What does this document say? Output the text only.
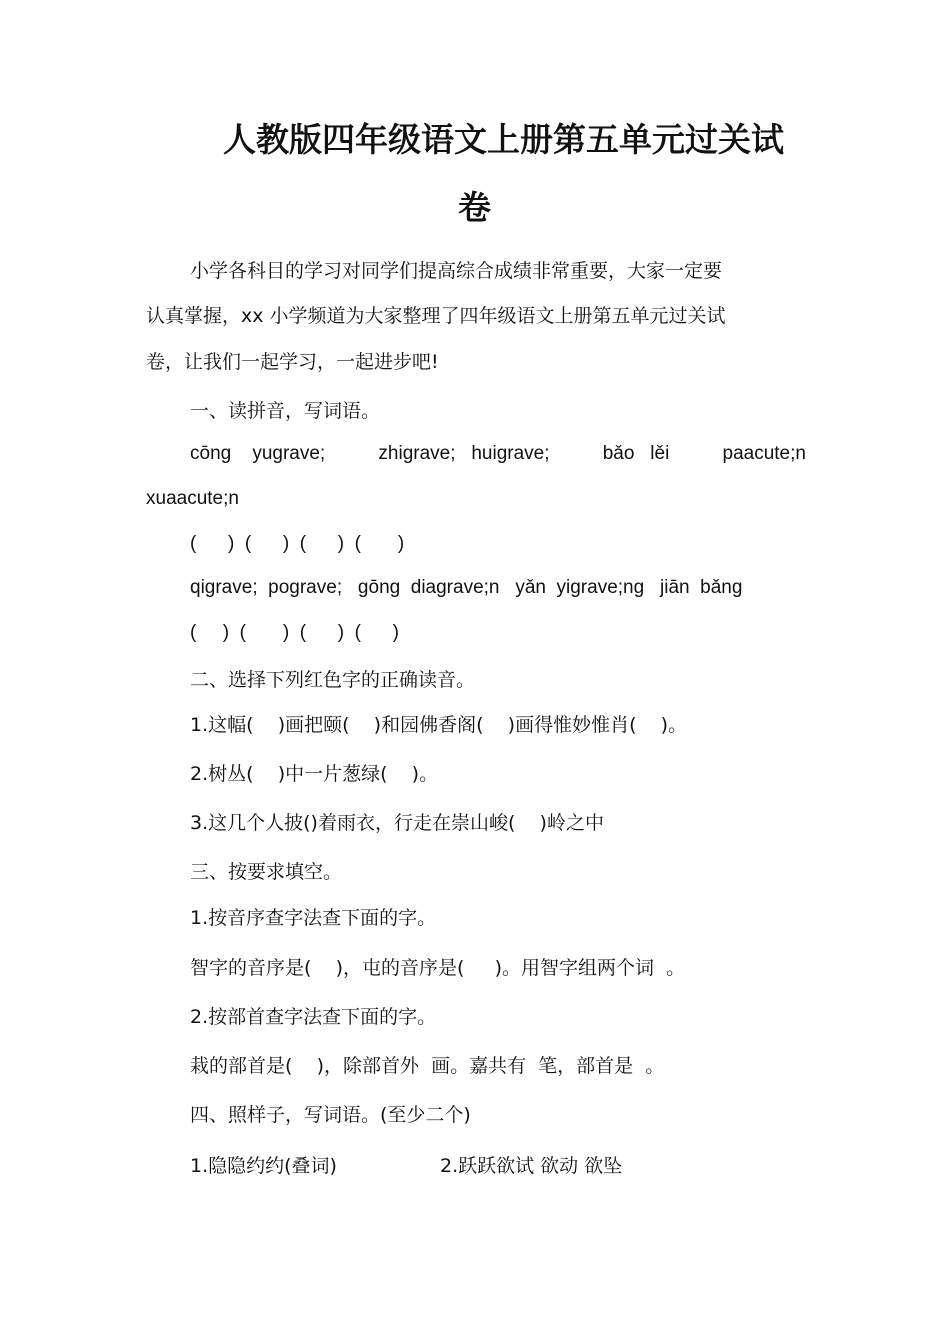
人教版四年级语文上册第五单元过关试
卷
小学各科目的学习对同学们提高综合成绩非常重要，大家一定要
认真掌握，xx 小学频道为大家整理了四年级语文上册第五单元过关试
卷，让我们一起学习，一起进步吧!
一、读拼音，写词语。
cōng yugrave;	zhigrave; huigrave;	bǎo lěi	paacute;n
xuaacute;n
(      )  (      )  (      )  (       )
qigrave;  pograve;   gōng  diagrave;n   yǎn  yigrave;ng   jiān  bǎng
(     )  (       )  (      )  (      )
二、选择下列红色字的正确读音。
1.这幅(    )画把颐(    )和园佛香阁(    )画得惟妙惟肖(    )。
2.树丛(    )中一片葱绿(    )。
3.这几个人披()着雨衣，行走在崇山峻(    )岭之中
三、按要求填空。
1.按音序查字法查下面的字。
智字的音序是(    )，屯的音序是(     )。用智字组两个词  。
2.按部首查字法查下面的字。
栽的部首是(    )，除部首外  画。嘉共有  笔，部首是  。
四、照样子，写词语。(至少二个)
1.隐隐约约(叠词)	2.跃跃欲试 欲动 欲坠
